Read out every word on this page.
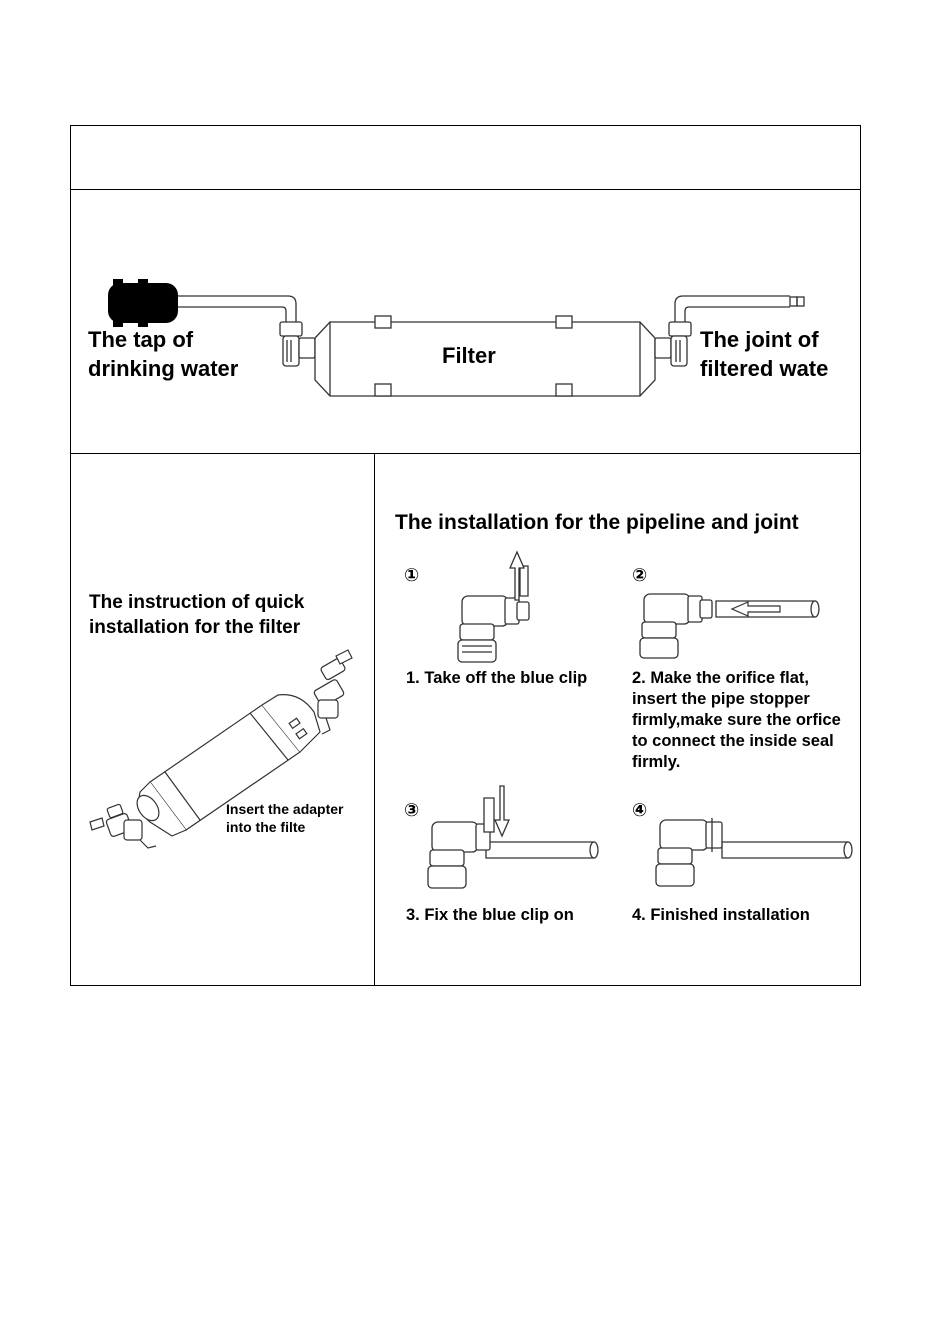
The tap of
drinking water
Filter
The joint of
filtered wate
The instruction of quick
installation for the filter
Insert the adapter
into the filte
The installation for the pipeline and joint
①	②
③	④
1. Take off the blue clip	2. Make the orifice flat,
insert the pipe stopper
firmly,make sure the orfice
to connect the inside seal
firmly.
3. Fix the blue clip on	4. Finished installation
